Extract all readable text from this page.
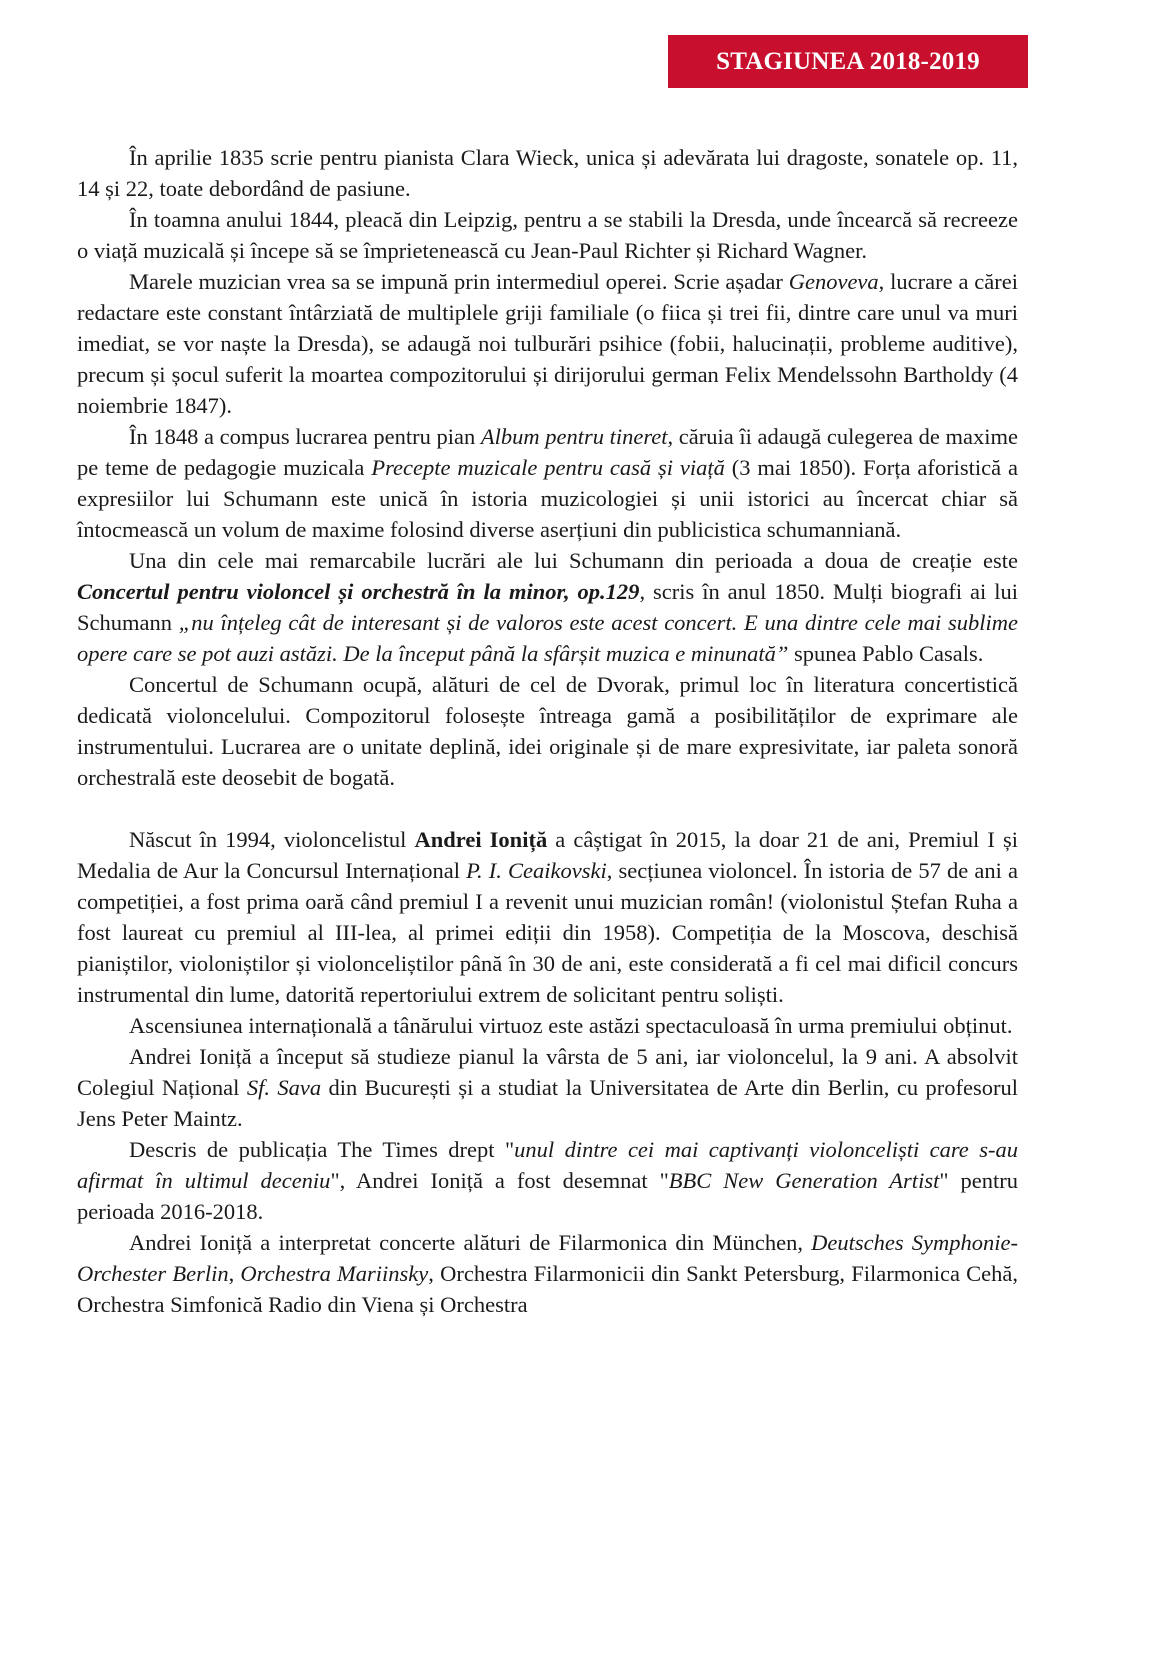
STAGIUNEA 2018-2019

În aprilie 1835 scrie pentru pianista Clara Wieck, unica și adevărata lui dragoste, sonatele op. 11, 14 și 22, toate debordând de pasiune.

În toamna anului 1844, pleacă din Leipzig, pentru a se stabili la Dresda, unde încearcă să recreeze o viață muzicală și începe să se împrietenească cu Jean-Paul Richter și Richard Wagner.

Marele muzician vrea sa se impună prin intermediul operei. Scrie așadar Genoveva, lucrare a cărei redactare este constant întârziată de multiplele griji familiale (o fiica și trei fii, dintre care unul va muri imediat, se vor naște la Dresda), se adaugă noi tulburări psihice (fobii, halucinații, probleme auditive), precum și șocul suferit la moartea compozitorului și dirijorului german Felix Mendelssohn Bartholdy (4 noiembrie 1847).

În 1848 a compus lucrarea pentru pian Album pentru tineret, căruia îi adaugă culegerea de maxime pe teme de pedagogie muzicala Precepte muzicale pentru casă și viață (3 mai 1850). Forța aforistică a expresiilor lui Schumann este unică în istoria muzicologiei și unii istorici au încercat chiar să întocmească un volum de maxime folosind diverse aserțiuni din publicistica schumanniană.

Una din cele mai remarcabile lucrări ale lui Schumann din perioada a doua de creație este Concertul pentru violoncel și orchestră în la minor, op.129, scris în anul 1850. Mulți biografi ai lui Schumann „nu înțeleg cât de interesant și de valoros este acest concert. E una dintre cele mai sublime opere care se pot auzi astăzi. De la început până la sfârșit muzica e minunată” spunea Pablo Casals.

Concertul de Schumann ocupă, alături de cel de Dvorak, primul loc în literatura concertistică dedicată violoncelului. Compozitorul folosește întreaga gamă a posibilităților de exprimare ale instrumentului. Lucrarea are o unitate deplină, idei originale și de mare expresivitate, iar paleta sonoră orchestrală este deosebit de bogată.

Născut în 1994, violoncelistul Andrei Ioniță a câștigat în 2015, la doar 21 de ani, Premiul I și Medalia de Aur la Concursul Internațional P. I. Ceaikovski, secțiunea violoncel. În istoria de 57 de ani a competiției, a fost prima oară când premiul I a revenit unui muzician român! (violonistul Ștefan Ruha a fost laureat cu premiul al III-lea, al primei ediții din 1958). Competiția de la Moscova, deschisă pianiștilor, violoniștilor și violonceliștilor până în 30 de ani, este considerată a fi cel mai dificil concurs instrumental din lume, datorită repertoriului extrem de solicitant pentru soliști.

Ascensiunea internațională a tânărului virtuoz este astăzi spectaculoasă în urma premiului obținut.

Andrei Ioniță a început să studieze pianul la vârsta de 5 ani, iar violoncelul, la 9 ani. A absolvit Colegiul Național Sf. Sava din București și a studiat la Universitatea de Arte din Berlin, cu profesorul Jens Peter Maintz.

Descris de publicația The Times drept "unul dintre cei mai captivanți violonceliști care s-au afirmat în ultimul deceniu", Andrei Ioniță a fost desemnat "BBC New Generation Artist" pentru perioada 2016-2018.

Andrei Ioniță a interpretat concerte alături de Filarmonica din München, Deutsches Symphonie-Orchester Berlin, Orchestra Mariinsky, Orchestra Filarmonicii din Sankt Petersburg, Filarmonica Cehă, Orchestra Simfonică Radio din Viena și Orchestra
